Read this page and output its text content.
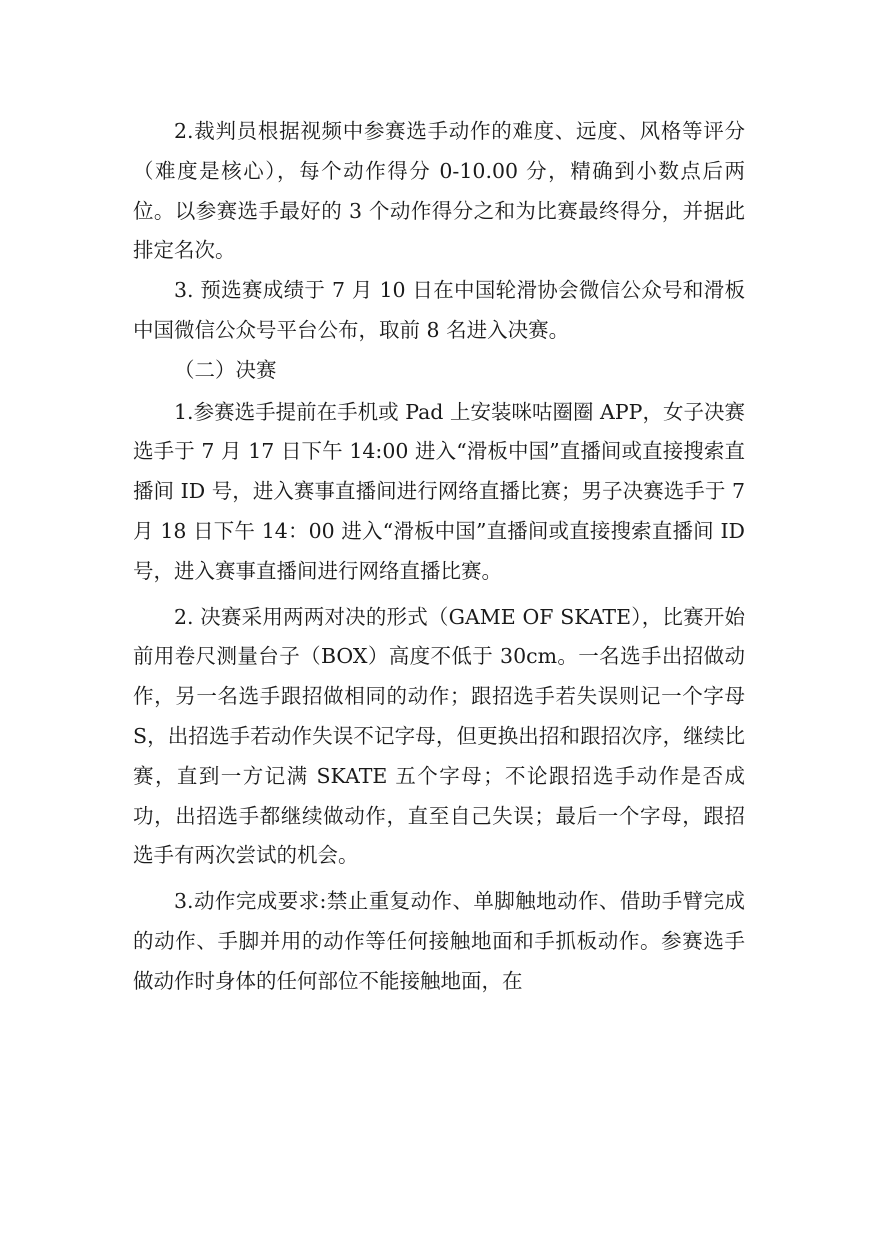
2.裁判员根据视频中参赛选手动作的难度、远度、风格等评分（难度是核心），每个动作得分 0-10.00 分，精确到小数点后两位。以参赛选手最好的 3 个动作得分之和为比赛最终得分，并据此排定名次。

3. 预选赛成绩于 7 月 10 日在中国轮滑协会微信公众号和滑板中国微信公众号平台公布，取前 8 名进入决赛。

（二）决赛

1.参赛选手提前在手机或 Pad 上安装咪咕圈圈 APP，女子决赛选手于 7 月 17 日下午 14:00 进入“滑板中国”直播间或直接搜索直播间 ID 号，进入赛事直播间进行网络直播比赛；男子决赛选手于 7 月 18 日下午 14：00 进入“滑板中国”直播间或直接搜索直播间 ID 号，进入赛事直播间进行网络直播比赛。

2. 决赛采用两两对决的形式（GAME OF SKATE），比赛开始前用卷尺测量台子（BOX）高度不低于 30cm。一名选手出招做动作，另一名选手跟招做相同的动作；跟招选手若失误则记一个字母 S，出招选手若动作失误不记字母，但更换出招和跟招次序，继续比赛，直到一方记满 SKATE 五个字母；不论跟招选手动作是否成功，出招选手都继续做动作，直至自己失误；最后一个字母，跟招选手有两次尝试的机会。

3.动作完成要求:禁止重复动作、单脚触地动作、借助手臂完成的动作、手脚并用的动作等任何接触地面和手抓板动作。参赛选手做动作时身体的任何部位不能接触地面，在
